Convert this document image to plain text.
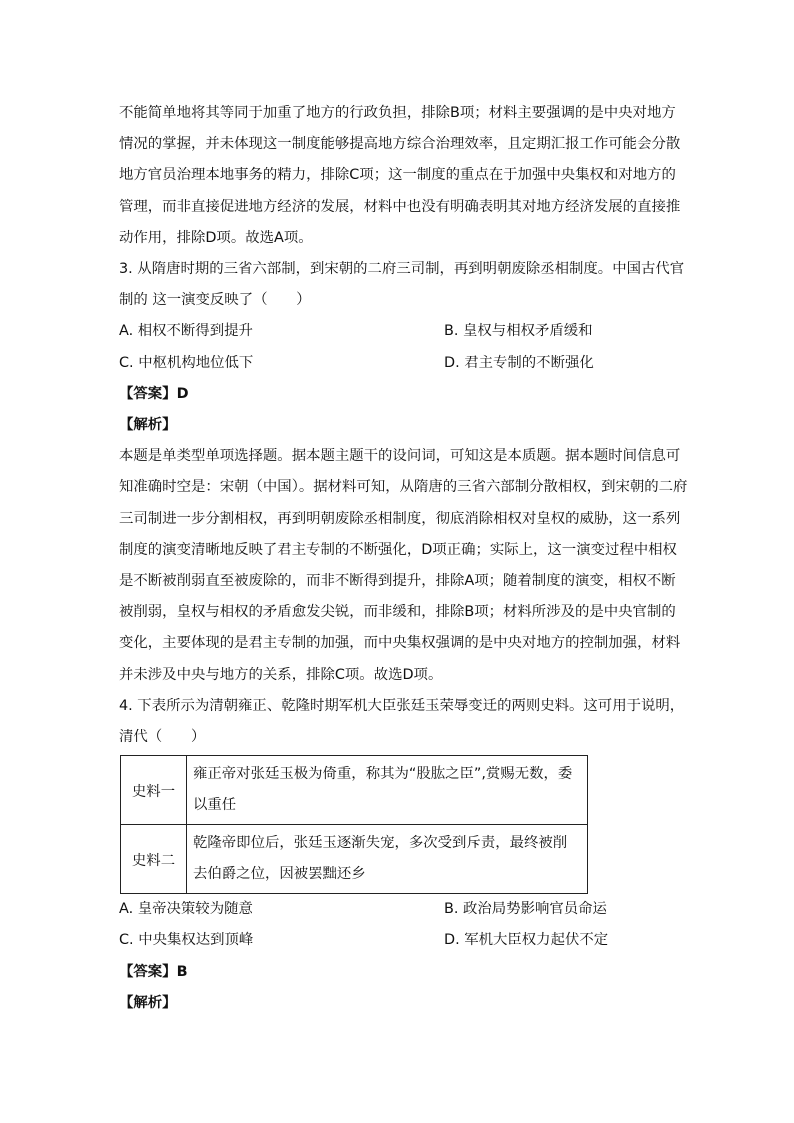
不能简单地将其等同于加重了地方的行政负担，排除B项；材料主要强调的是中央对地方
情况的掌握，并未体现这一制度能够提高地方综合治理效率，且定期汇报工作可能会分散
地方官员治理本地事务的精力，排除C项；这一制度的重点在于加强中央集权和对地方的
管理，而非直接促进地方经济的发展，材料中也没有明确表明其对地方经济发展的直接推
动作用，排除D项。故选A项。

3. 从隋唐时期的三省六部制，到宋朝的二府三司制，再到明朝废除丞相制度。中国古代官
制的 这一演变反映了（　　）

A. 相权不断得到提升	B. 皇权与相权矛盾缓和
C. 中枢机构地位低下	D. 君主专制的不断强化

【答案】D
【解析】

本题是单类型单项选择题。据本题主题干的设问词，可知这是本质题。据本题时间信息可
知准确时空是：宋朝（中国）。据材料可知，从隋唐的三省六部制分散相权，到宋朝的二府
三司制进一步分割相权，再到明朝废除丞相制度，彻底消除相权对皇权的威胁，这一系列
制度的演变清晰地反映了君主专制的不断强化，D项正确；实际上，这一演变过程中相权
是不断被削弱直至被废除的，而非不断得到提升，排除A项；随着制度的演变，相权不断
被削弱，皇权与相权的矛盾愈发尖锐，而非缓和，排除B项；材料所涉及的是中央官制的
变化，主要体现的是君主专制的加强，而中央集权强调的是中央对地方的控制加强，材料
并未涉及中央与地方的关系，排除C项。故选D项。

4. 下表所示为清朝雍正、乾隆时期军机大臣张廷玉荣辱变迁的两则史料。这可用于说明，
清代（　　）

史料一	雍正帝对张廷玉极为倚重，称其为“股肱之臣”,赏赐无数，委以重任
史料二	乾隆帝即位后，张廷玉逐渐失宠，多次受到斥责，最终被削去伯爵之位，因被罢黜还乡
A. 皇帝决策较为随意	B. 政治局势影响官员命运
C. 中央集权达到顶峰	D. 军机大臣权力起伏不定

【答案】B
【解析】
